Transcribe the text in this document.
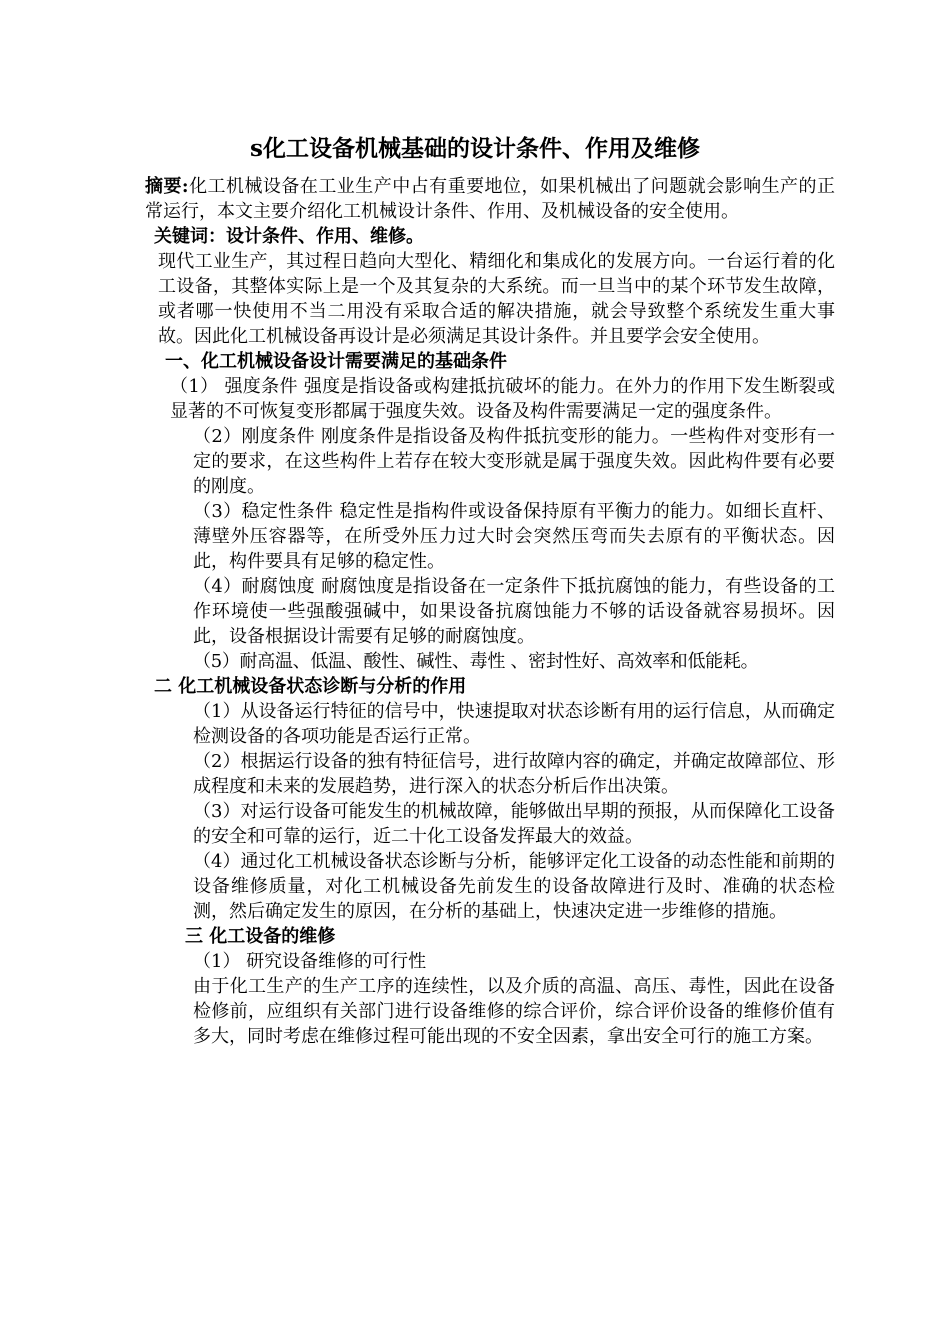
s化工设备机械基础的设计条件、作用及维修

摘要:化工机械设备在工业生产中占有重要地位，如果机械出了问题就会影响生产的正常运行，本文主要介绍化工机械设计条件、作用、及机械设备的安全使用。

关键词：设计条件、作用、维修。

现代工业生产，其过程日趋向大型化、精细化和集成化的发展方向。一台运行着的化工设备，其整体实际上是一个及其复杂的大系统。而一旦当中的某个环节发生故障，或者哪一快使用不当二用没有采取合适的解决措施，就会导致整个系统发生重大事故。因此化工机械设备再设计是必须满足其设计条件。并且要学会安全使用。

一、化工机械设备设计需要满足的基础条件

（1） 强度条件 强度是指设备或构建抵抗破坏的能力。在外力的作用下发生断裂或显著的不可恢复变形都属于强度失效。设备及构件需要满足一定的强度条件。

（2）刚度条件 刚度条件是指设备及构件抵抗变形的能力。一些构件对变形有一定的要求，在这些构件上若存在较大变形就是属于强度失效。因此构件要有必要的刚度。

（3）稳定性条件 稳定性是指构件或设备保持原有平衡力的能力。如细长直杆、薄壁外压容器等，在所受外压力过大时会突然压弯而失去原有的平衡状态。因此，构件要具有足够的稳定性。

（4）耐腐蚀度 耐腐蚀度是指设备在一定条件下抵抗腐蚀的能力，有些设备的工作环境使一些强酸强碱中，如果设备抗腐蚀能力不够的话设备就容易损坏。因此，设备根据设计需要有足够的耐腐蚀度。

（5）耐高温、低温、酸性、碱性、毒性 、密封性好、高效率和低能耗。

二 化工机械设备状态诊断与分析的作用

（1）从设备运行特征的信号中，快速提取对状态诊断有用的运行信息，从而确定检测设备的各项功能是否运行正常。

（2）根据运行设备的独有特征信号，进行故障内容的确定，并确定故障部位、形成程度和未来的发展趋势，进行深入的状态分析后作出决策。

（3）对运行设备可能发生的机械故障，能够做出早期的预报，从而保障化工设备的安全和可靠的运行，近二十化工设备发挥最大的效益。

（4）通过化工机械设备状态诊断与分析，能够评定化工设备的动态性能和前期的设备维修质量，对化工机械设备先前发生的设备故障进行及时、准确的状态检测，然后确定发生的原因，在分析的基础上，快速决定进一步维修的措施。

三 化工设备的维修

（1） 研究设备维修的可行性

由于化工生产的生产工序的连续性，以及介质的高温、高压、毒性，因此在设备检修前，应组织有关部门进行设备维修的综合评价，综合评价设备的维修价值有多大，同时考虑在维修过程可能出现的不安全因素，拿出安全可行的施工方案。
